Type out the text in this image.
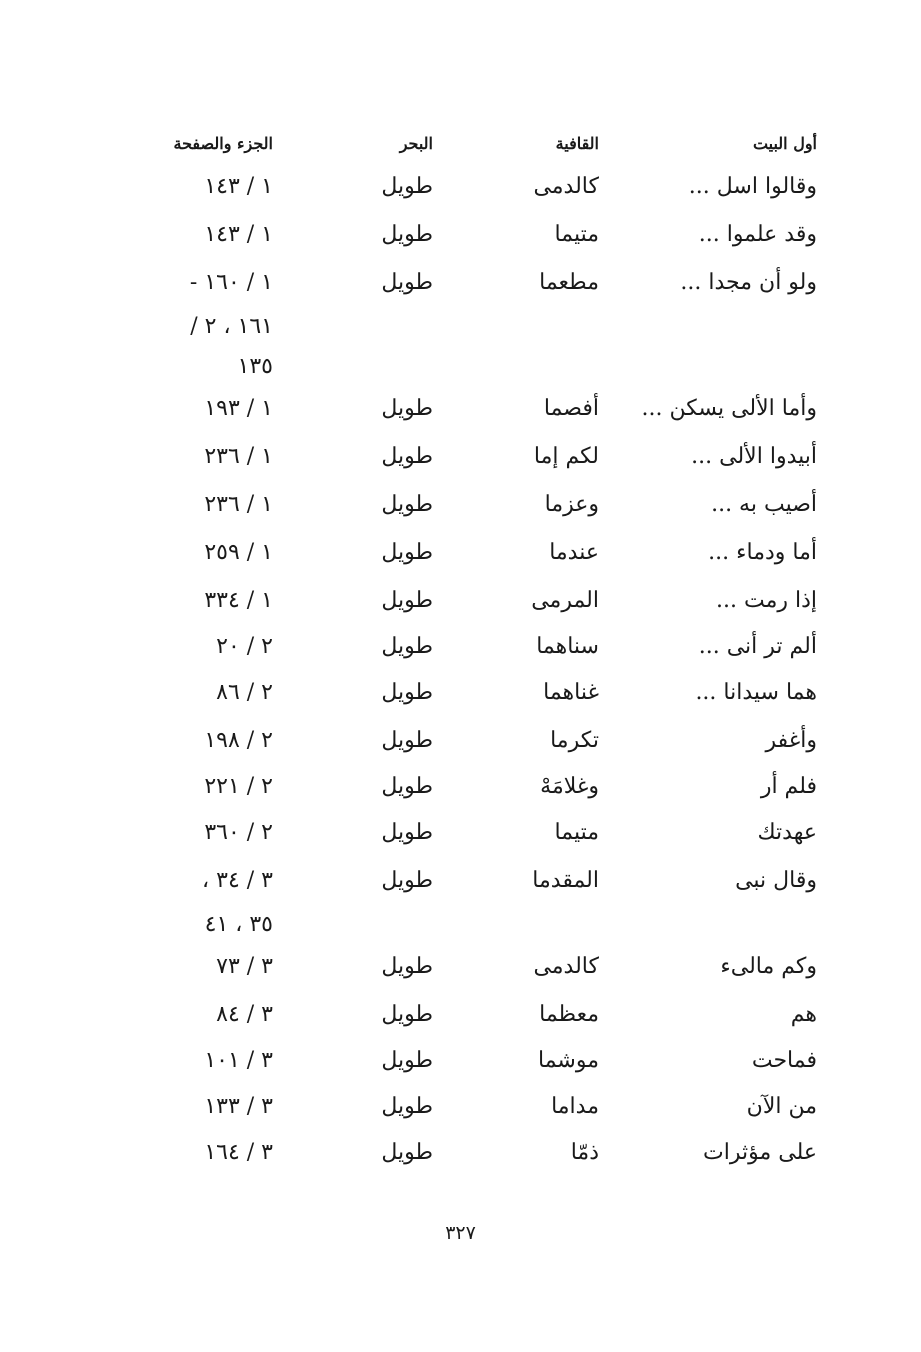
أول البيت
القافية
البحر
الجزء والصفحة
وقالوا اسل ...
كالدمى
طويل
١ / ١٤٣
وقد علموا ...
متيما
طويل
١ / ١٤٣
ولو أن مجدا ...
مطعما
طويل
١ / ١٦٠ -
١٦١ ، ٢ /
١٣٥
وأما الألى يسكن ...
أفصما
طويل
١ / ١٩٣
أبيدوا الألى ...
لكم إما
طويل
١ / ٢٣٦
أصيب به ...
وعزما
طويل
١ / ٢٣٦
أما ودماء ...
عندما
طويل
١ / ٢٥٩
إذا رمت ...
المرمى
طويل
١ / ٣٣٤
ألم تر أنى ...
سناهما
طويل
٢ / ٢٠
هما سيدانا ...
غناهما
طويل
٢ / ٨٦
وأغفر
تكرما
طويل
٢ / ١٩٨
فلم أر
وغلامَهْ
طويل
٢ / ٢٢١
عهدتك
متيما
طويل
٢ / ٣٦٠
وقال نبى
المقدما
طويل
٣ / ٣٤ ،
٣٥ ، ٤١
وكم مالىء
كالدمى
طويل
٣ / ٧٣
هم
معظما
طويل
٣ / ٨٤
فماحت
موشما
طويل
٣ / ١٠١
من الآن
مداما
طويل
٣ / ١٣٣
على مؤثرات
ذمّا
طويل
٣ / ١٦٤
٣٢٧
